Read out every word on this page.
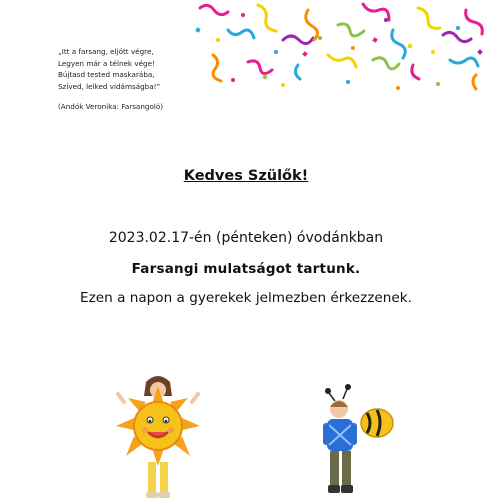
„Itt a farsang, eljött végre,
Legyen már a télnek vége!
Bújtasd tested maskarába,
Szíved, lelked vidámságba!”
(Andók Veronika: Farsangoló)
Kedves Szülők!
2023.02.17-én (pénteken) óvodánkban
Farsangi mulatságot tartunk.
Ezen a napon a gyerekek jelmezben érkezzenek.
